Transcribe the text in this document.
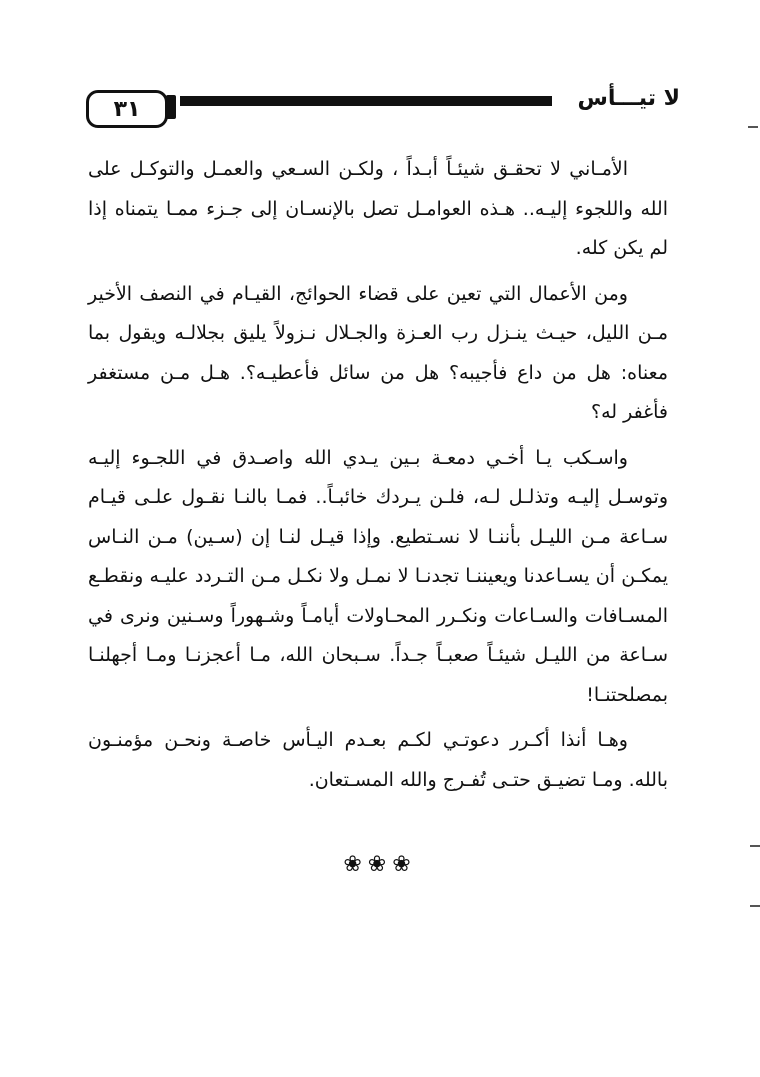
٣١	لا تيـــأس

الأمـاني لا تحقـق شيئـاً أبـداً ، ولكـن السـعي والعمـل والتوكـل على الله واللجوء إليـه.. هـذه العوامـل تصل بالإنسـان إلى جـزء ممـا يتمناه إذا لم يكن كله.

ومن الأعمال التي تعين على قضاء الحوائج، القيـام في النصف الأخير مـن الليل، حيـث ينـزل رب العـزة والجـلال نـزولاً يليق بجلالـه ويقول بما معناه: هل من داع فأجيبه؟ هل من سائل فأعطيـه؟. هـل مـن مستغفر فأغفر له؟

واسـكب يـا أخـي دمعـة بـين يـدي الله واصـدق في اللجـوء إليـه وتوسـل إليـه وتذلـل لـه، فلـن يـردك خائبـاً.. فمـا بالنـا نقـول علـى قيـام سـاعة مـن الليـل بأننـا لا نسـتطيع. وإذا قيـل لنـا إن (سـين) مـن النـاس يمكـن أن يسـاعدنا ويعيننـا تجدنـا لا نمـل ولا نكـل مـن التـردد عليـه ونقطـع المسـافات والسـاعات ونكـرر المحـاولات أيامـاً وشـهوراً وسـنين ونرى في سـاعة من الليـل شيئـاً صعبـاً جـداً. سـبحان الله، مـا أعجزنـا ومـا أجهلنـا بمصلحتنـا!

وهـا أنذا أكـرر دعوتـي لكـم بعـدم اليـأس خاصـة ونحـن مؤمنـون بالله. ومـا تضيـق حتـى تُفـرج والله المسـتعان.

❀❀❀
